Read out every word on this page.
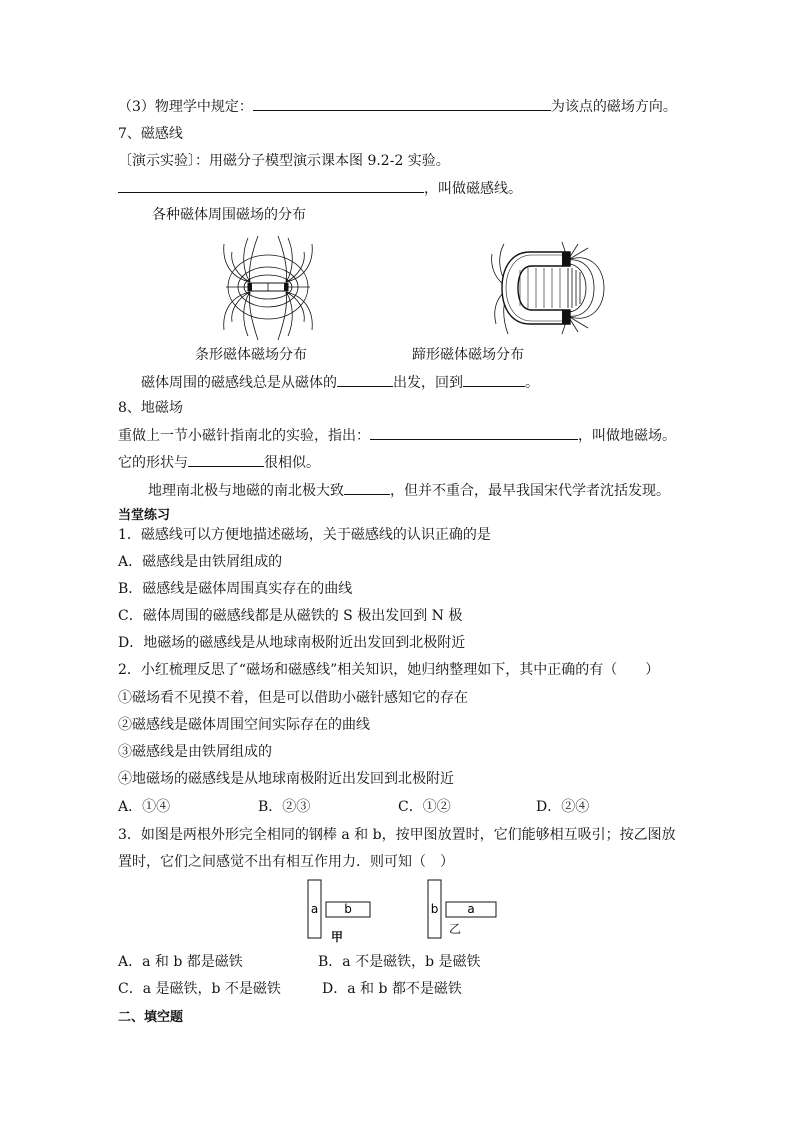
（3）物理学中规定：	为该点的磁场方向。
7、磁感线
〔演示实验〕：用磁分子模型演示课本图 9.2-2 实验。
，叫做磁感线。
各种磁体周围磁场的分布
条形磁体磁场分布	蹄形磁体磁场分布
磁体周围的磁感线总是从磁体的	出发，回到	。
8、地磁场
重做上一节小磁针指南北的实验，指出：	，叫做地磁场。
它的形状与	很相似。
地理南北极与地磁的南北极大致	，但并不重合，最早我国宋代学者沈括发现。
当堂练习
1．磁感线可以方便地描述磁场，关于磁感线的认识正确的是
A．磁感线是由铁屑组成的
B．磁感线是磁体周围真实存在的曲线
C．磁体周围的磁感线都是从磁铁的 S 极出发回到 N 极
D．地磁场的磁感线是从地球南极附近出发回到北极附近
2．小红梳理反思了“磁场和磁感线”相关知识，她归纳整理如下，其中正确的有（　　）
①磁场看不见摸不着，但是可以借助小磁针感知它的存在
②磁感线是磁体周围空间实际存在的曲线
③磁感线是由铁屑组成的
④地磁场的磁感线是从地球南极附近出发回到北极附近
A．①④	B．②③	C．①②	D．②④
3．如图是两根外形完全相同的钢棒 a 和 b，按甲图放置时，它们能够相互吸引；按乙图放
置时，它们之间感觉不出有相互作用力．则可知（　）
a b
甲
b a
乙
A．a 和 b 都是磁铁	B．a 不是磁铁，b 是磁铁
C．a 是磁铁，b 不是磁铁	D．a 和 b 都不是磁铁
二、填空题
